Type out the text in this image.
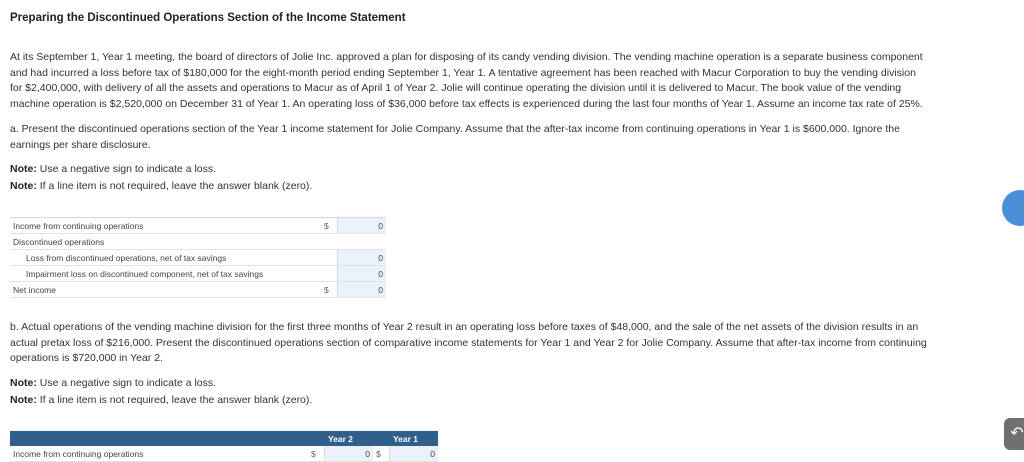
Preparing the Discontinued Operations Section of the Income Statement
At its September 1, Year 1 meeting, the board of directors of Jolie Inc. approved a plan for disposing of its candy vending division. The vending machine operation is a separate business component
and had incurred a loss before tax of $180,000 for the eight-month period ending September 1, Year 1. A tentative agreement has been reached with Macur Corporation to buy the vending division
for $2,400,000, with delivery of all the assets and operations to Macur as of April 1 of Year 2. Jolie will continue operating the division until it is delivered to Macur. The book value of the vending
machine operation is $2,520,000 on December 31 of Year 1. An operating loss of $36,000 before tax effects is experienced during the last four months of Year 1. Assume an income tax rate of 25%.
a. Present the discontinued operations section of the Year 1 income statement for Jolie Company. Assume that the after-tax income from continuing operations in Year 1 is $600,000. Ignore the
earnings per share disclosure.
Note: Use a negative sign to indicate a loss.
Note: If a line item is not required, leave the answer blank (zero).
Income from continuing operations	$	0
Discontinued operations		
Loss from discontinued operations, net of tax savings		0
Impairment loss on discontinued component, net of tax savings		0
Net income	$	0
b. Actual operations of the vending machine division for the first three months of Year 2 result in an operating loss before taxes of $48,000, and the sale of the net assets of the division results in an
actual pretax loss of $216,000. Present the discontinued operations section of comparative income statements for Year 1 and Year 2 for Jolie Company. Assume that after-tax income from continuing
operations is $720,000 in Year 2.
Note: Use a negative sign to indicate a loss.
Note: If a line item is not required, leave the answer blank (zero).
	Year 2		Year 1	
Income from continuing operations	$	0	$	0
↶
